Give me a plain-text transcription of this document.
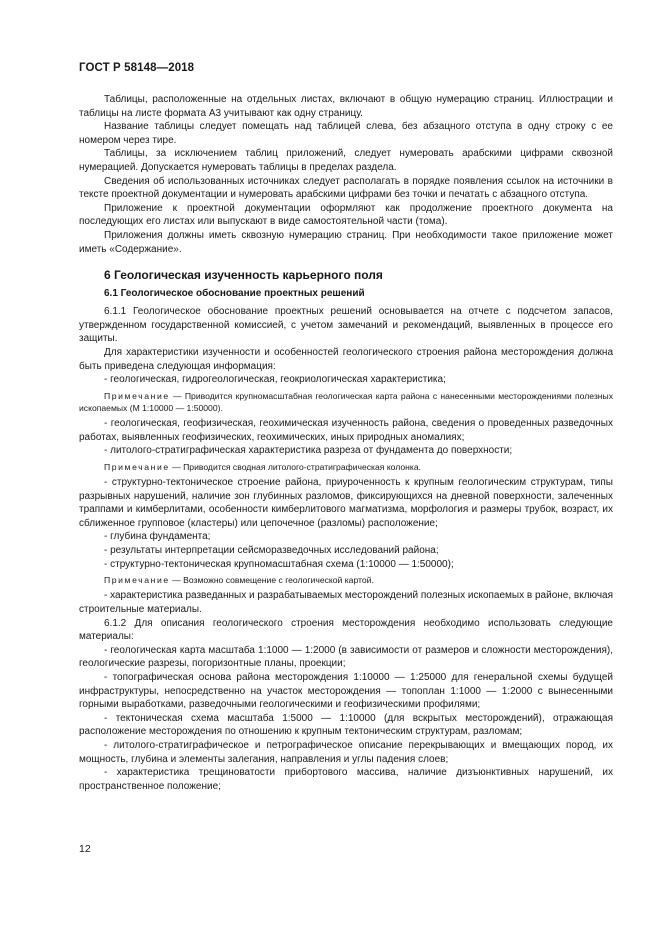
ГОСТ Р 58148—2018

Таблицы, расположенные на отдельных листах, включают в общую нумерацию страниц. Иллюстрации и таблицы на листе формата А3 учитывают как одну страницу.

Название таблицы следует помещать над таблицей слева, без абзацного отступа в одну строку с ее номером через тире.

Таблицы, за исключением таблиц приложений, следует нумеровать арабскими цифрами сквозной нумерацией. Допускается нумеровать таблицы в пределах раздела.

Сведения об использованных источниках следует располагать в порядке появления ссылок на источники в тексте проектной документации и нумеровать арабскими цифрами без точки и печатать с абзацного отступа.

Приложение к проектной документации оформляют как продолжение проектного документа на последующих его листах или выпускают в виде самостоятельной части (тома).

Приложения должны иметь сквозную нумерацию страниц. При необходимости такое приложение может иметь «Содержание».

6 Геологическая изученность карьерного поля
6.1 Геологическое обоснование проектных решений

6.1.1 Геологическое обоснование проектных решений основывается на отчете с подсчетом запасов, утвержденном государственной комиссией, с учетом замечаний и рекомендаций, выявленных в процессе его защиты.

Для характеристики изученности и особенностей геологического строения района месторождения должна быть приведена следующая информация:

- геологическая, гидрогеологическая, геокриологическая характеристика;

Примечание — Приводится крупномасштабная геологическая карта района с нанесенными месторождениями полезных ископаемых (М 1:10000 — 1:50000).

- геологическая, геофизическая, геохимическая изученность района, сведения о проведенных разведочных работах, выявленных геофизических, геохимических, иных природных аномалиях;

- литолого-стратиграфическая характеристика разреза от фундамента до поверхности;

Примечание — Приводится сводная литолого-стратиграфическая колонка.

- структурно-тектоническое строение района, приуроченность к крупным геологическим структурам, типы разрывных нарушений, наличие зон глубинных разломов, фиксирующихся на дневной поверхности, залеченных траппами и кимберлитами, особенности кимберлитового магматизма, морфология и размеры трубок, возраст, их сближенное групповое (кластеры) или цепочечное (разломы) расположение;

- глубина фундамента;

- результаты интерпретации сейсморазведочных исследований района;

- структурно-тектоническая крупномасштабная схема (1:10000 — 1:50000);

Примечание — Возможно совмещение с геологической картой.

- характеристика разведанных и разрабатываемых месторождений полезных ископаемых в районе, включая строительные материалы.

6.1.2 Для описания геологического строения месторождения необходимо использовать следующие материалы:

- геологическая карта масштаба 1:1000 — 1:2000 (в зависимости от размеров и сложности месторождения), геологические разрезы, погоризонтные планы, проекции;

- топографическая основа района месторождения 1:10000 — 1:25000 для генеральной схемы будущей инфраструктуры, непосредственно на участок месторождения — топоплан 1:1000 — 1:2000 с вынесенными горными выработками, разведочными геологическими и геофизическими профилями;

- тектоническая схема масштаба 1:5000 — 1:10000 (для вскрытых месторождений), отражающая расположение месторождения по отношению к крупным тектоническим структурам, разломам;

- литолого-стратиграфическое и петрографическое описание перекрывающих и вмещающих пород, их мощность, глубина и элементы залегания, направления и углы падения слоев;

- характеристика трещиноватости прибортового массива, наличие дизъюнктивных нарушений, их пространственное положение;

12
